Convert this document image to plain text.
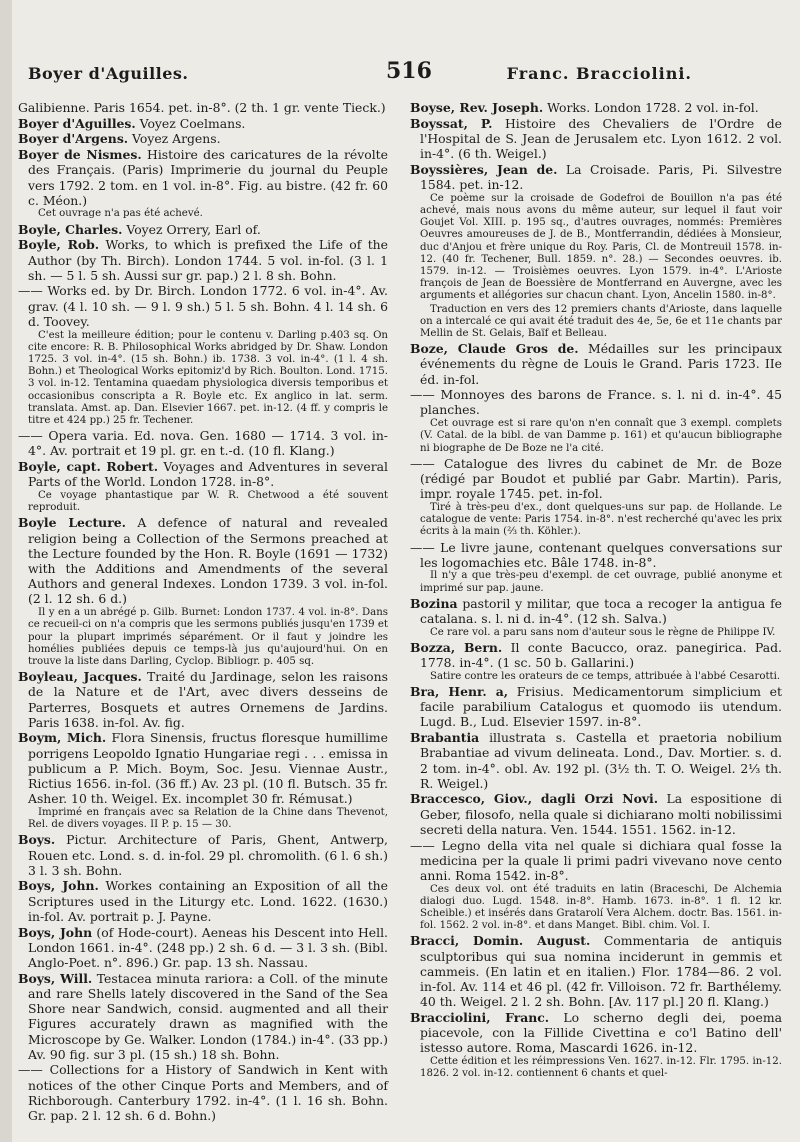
Boyer d'Aguilles.	516	Franc. Bracciolini.
Galibienne. Paris 1654. pet. in-8°. (2 th. 1 gr. vente Tieck.)
Boyer d'Aguilles. Voyez Coelmans.
Boyer d'Argens. Voyez Argens.
Boyer de Nismes. Histoire des caricatures de la révolte des Français. (Paris) Imprimerie du journal du Peuple vers 1792. 2 tom. en 1 vol. in-8°. Fig. au bistre. (42 fr. 60 c. Méon.)
Cet ouvrage n'a pas été achevé.
Boyle, Charles. Voyez Orrery, Earl of.
Boyle, Rob. Works, to which is prefixed the Life of the Author (by Th. Birch). London 1744. 5 vol. in-fol. (3 l. 1 sh. — 5 l. 5 sh. Aussi sur gr. pap.) 2 l. 8 sh. Bohn.
—— Works ed. by Dr. Birch. London 1772. 6 vol. in-4°. Av. grav. (4 l. 10 sh. — 9 l. 9 sh.) 5 l. 5 sh. Bohn. 4 l. 14 sh. 6 d. Toovey.
C'est la meilleure édition; pour le contenu v. Darling p.403 sq. On cite encore: R. B. Philosophical Works abridged by Dr. Shaw. London 1725. 3 vol. in-4°. (15 sh. Bohn.) ib. 1738. 3 vol. in-4°. (1 l. 4 sh. Bohn.) et Theological Works epitomiz'd by Rich. Boulton. Lond. 1715. 3 vol. in-12. Tentamina quaedam physiologica diversis temporibus et occasionibus conscripta a R. Boyle etc. Ex anglico in lat. serm. translata. Amst. ap. Dan. Elsevier 1667. pet. in-12. (4 ff. y compris le titre et 424 pp.) 25 fr. Techener.
—— Opera varia. Ed. nova. Gen. 1680 — 1714. 3 vol. in-4°. Av. portrait et 19 pl. gr. en t.-d. (10 fl. Klang.)
Boyle, capt. Robert. Voyages and Adventures in several Parts of the World. London 1728. in-8°.
Ce voyage phantastique par W. R. Chetwood a été souvent reproduit.
Boyle Lecture. A defence of natural and revealed religion being a Collection of the Sermons preached at the Lecture founded by the Hon. R. Boyle (1691 — 1732) with the Additions and Amendments of the several Authors and general Indexes. London 1739. 3 vol. in-fol. (2 l. 12 sh. 6 d.)
Il y en a un abrégé p. Gilb. Burnet: London 1737. 4 vol. in-8°. Dans ce recueil-ci on n'a compris que les sermons publiés jusqu'en 1739 et pour la plupart imprimés séparément. Or il faut y joindre les homélies publiées depuis ce temps-là jus qu'aujourd'hui. On en trouve la liste dans Darling, Cyclop. Bibliogr. p. 405 sq.
Boyleau, Jacques. Traité du Jardinage, selon les raisons de la Nature et de l'Art, avec divers desseins de Parterres, Bosquets et autres Ornemens de Jardins. Paris 1638. in-fol. Av. fig.
Boym, Mich. Flora Sinensis, fructus floresque humillime porrigens Leopoldo Ignatio Hungariae regi . . . emissa in publicum a P. Mich. Boym, Soc. Jesu. Viennae Austr., Rictius 1656. in-fol. (36 ff.) Av. 23 pl. (10 fl. Butsch. 35 fr. Asher. 10 th. Weigel. Ex. incomplet 30 fr. Rémusat.)
Imprimé en français avec sa Relation de la Chine dans Thevenot, Rel. de divers voyages. II P. p. 15 — 30.
Boys. Pictur. Architecture of Paris, Ghent, Antwerp, Rouen etc. Lond. s. d. in-fol. 29 pl. chromolith. (6 l. 6 sh.) 3 l. 3 sh. Bohn.
Boys, John. Workes containing an Exposition of all the Scriptures used in the Liturgy etc. Lond. 1622. (1630.) in-fol. Av. portrait p. J. Payne.
Boys, John (of Hode-court). Aeneas his Descent into Hell. London 1661. in-4°. (248 pp.) 2 sh. 6 d. — 3 l. 3 sh. (Bibl. Anglo-Poet. n°. 896.) Gr. pap. 13 sh. Nassau.
Boys, Will. Testacea minuta rariora: a Coll. of the minute and rare Shells lately discovered in the Sand of the Sea Shore near Sandwich, consid. augmented and all their Figures accurately drawn as magnified with the Microscope by Ge. Walker. London (1784.) in-4°. (33 pp.) Av. 90 fig. sur 3 pl. (15 sh.) 18 sh. Bohn.
—— Collections for a History of Sandwich in Kent with notices of the other Cinque Ports and Members, and of Richborough. Canterbury 1792. in-4°. (1 l. 16 sh. Bohn. Gr. pap. 2 l. 12 sh. 6 d. Bohn.)
Boyse, Rev. Joseph. Works. London 1728. 2 vol. in-fol.
Boyssat, P. Histoire des Chevaliers de l'Ordre de l'Hospital de S. Jean de Jerusalem etc. Lyon 1612. 2 vol. in-4°. (6 th. Weigel.)
Boyssières, Jean de. La Croisade. Paris, Pi. Silvestre 1584. pet. in-12.
Ce poème sur la croisade de Godefroi de Bouillon n'a pas été achevé, mais nous avons du même auteur, sur lequel il faut voir Goujet Vol. XIII. p. 195 sq., d'autres ouvrages, nommés: Premières Oeuvres amoureuses de J. de B., Montferrandin, dédiées à Monsieur, duc d'Anjou et frère unique du Roy. Paris, Cl. de Montreuil 1578. in-12. (40 fr. Techener, Bull. 1859. n°. 28.) — Secondes oeuvres. ib. 1579. in-12. — Troisièmes oeuvres. Lyon 1579. in-4°. L'Arioste françois de Jean de Boessière de Montferrand en Auvergne, avec les arguments et allégories sur chacun chant. Lyon, Ancelin 1580. in-8°.
Traduction en vers des 12 premiers chants d'Arioste, dans laquelle on a intercalé ce qui avait été traduit des 4e, 5e, 6e et 11e chants par Mellin de St. Gelais, Baïf et Belleau.
Boze, Claude Gros de. Médailles sur les principaux événements du règne de Louis le Grand. Paris 1723. IIe éd. in-fol.
—— Monnoyes des barons de France. s. l. ni d. in-4°. 45 planches.
Cet ouvrage est si rare qu'on n'en connaît que 3 exempl. complets (V. Catal. de la bibl. de van Damme p. 161) et qu'aucun bibliographe ni biographe de De Boze ne l'a cité.
—— Catalogue des livres du cabinet de Mr. de Boze (rédigé par Boudot et publié par Gabr. Martin). Paris, impr. royale 1745. pet. in-fol.
Tiré à très-peu d'ex., dont quelques-uns sur pap. de Hollande. Le catalogue de vente: Paris 1754. in-8°. n'est recherché qu'avec les prix écrits à la main (⅔ th. Köhler.).
—— Le livre jaune, contenant quelques conversations sur les logomachies etc. Bâle 1748. in-8°.
Il n'y a que très-peu d'exempl. de cet ouvrage, publié anonyme et imprimé sur pap. jaune.
Bozina pastoril y militar, que toca a recoger la antigua fe catalana. s. l. ni d. in-4°. (12 sh. Salva.)
Ce rare vol. a paru sans nom d'auteur sous le règne de Philippe IV.
Bozza, Bern. Il conte Bacucco, oraz. panegirica. Pad. 1778. in-4°. (1 sc. 50 b. Gallarini.)
Satire contre les orateurs de ce temps, attribuée à l'abbé Cesarotti.
Bra, Henr. a, Frisius. Medicamentorum simplicium et facile parabilium Catalogus et quomodo iis utendum. Lugd. B., Lud. Elsevier 1597. in-8°.
Brabantia illustrata s. Castella et praetoria nobilium Brabantiae ad vivum delineata. Lond., Dav. Mortier. s. d. 2 tom. in-4°. obl. Av. 192 pl. (3½ th. T. O. Weigel. 2⅓ th. R. Weigel.)
Braccesco, Giov., dagli Orzi Novi. La espositione di Geber, filosofo, nella quale si dichiarano molti nobilissimi secreti della natura. Ven. 1544. 1551. 1562. in-12.
—— Legno della vita nel quale si dichiara qual fosse la medicina per la quale li primi padri vivevano nove cento anni. Roma 1542. in-8°.
Ces deux vol. ont été traduits en latin (Braceschi, De Alchemia dialogi duo. Lugd. 1548. in-8°. Hamb. 1673. in-8°. 1 fl. 12 kr. Scheible.) et insérés dans Gratarolí Vera Alchem. doctr. Bas. 1561. in-fol. 1562. 2 vol. in-8°. et dans Manget. Bibl. chim. Vol. I.
Bracci, Domin. August. Commentaria de antiquis sculptoribus qui sua nomina inciderunt in gemmis et cammeis. (En latin et en italien.) Flor. 1784—86. 2 vol. in-fol. Av. 114 et 46 pl. (42 fr. Villoison. 72 fr. Barthélemy. 40 th. Weigel. 2 l. 2 sh. Bohn. [Av. 117 pl.] 20 fl. Klang.)
Bracciolini, Franc. Lo scherno degli dei, poema piacevole, con la Fillide Civettina e co'l Batino dell' istesso autore. Roma, Mascardi 1626. in-12.
Cette édition et les réimpressions Ven. 1627. in-12. Flr. 1795. in-12. 1826. 2 vol. in-12. contiennent 6 chants et quel-
